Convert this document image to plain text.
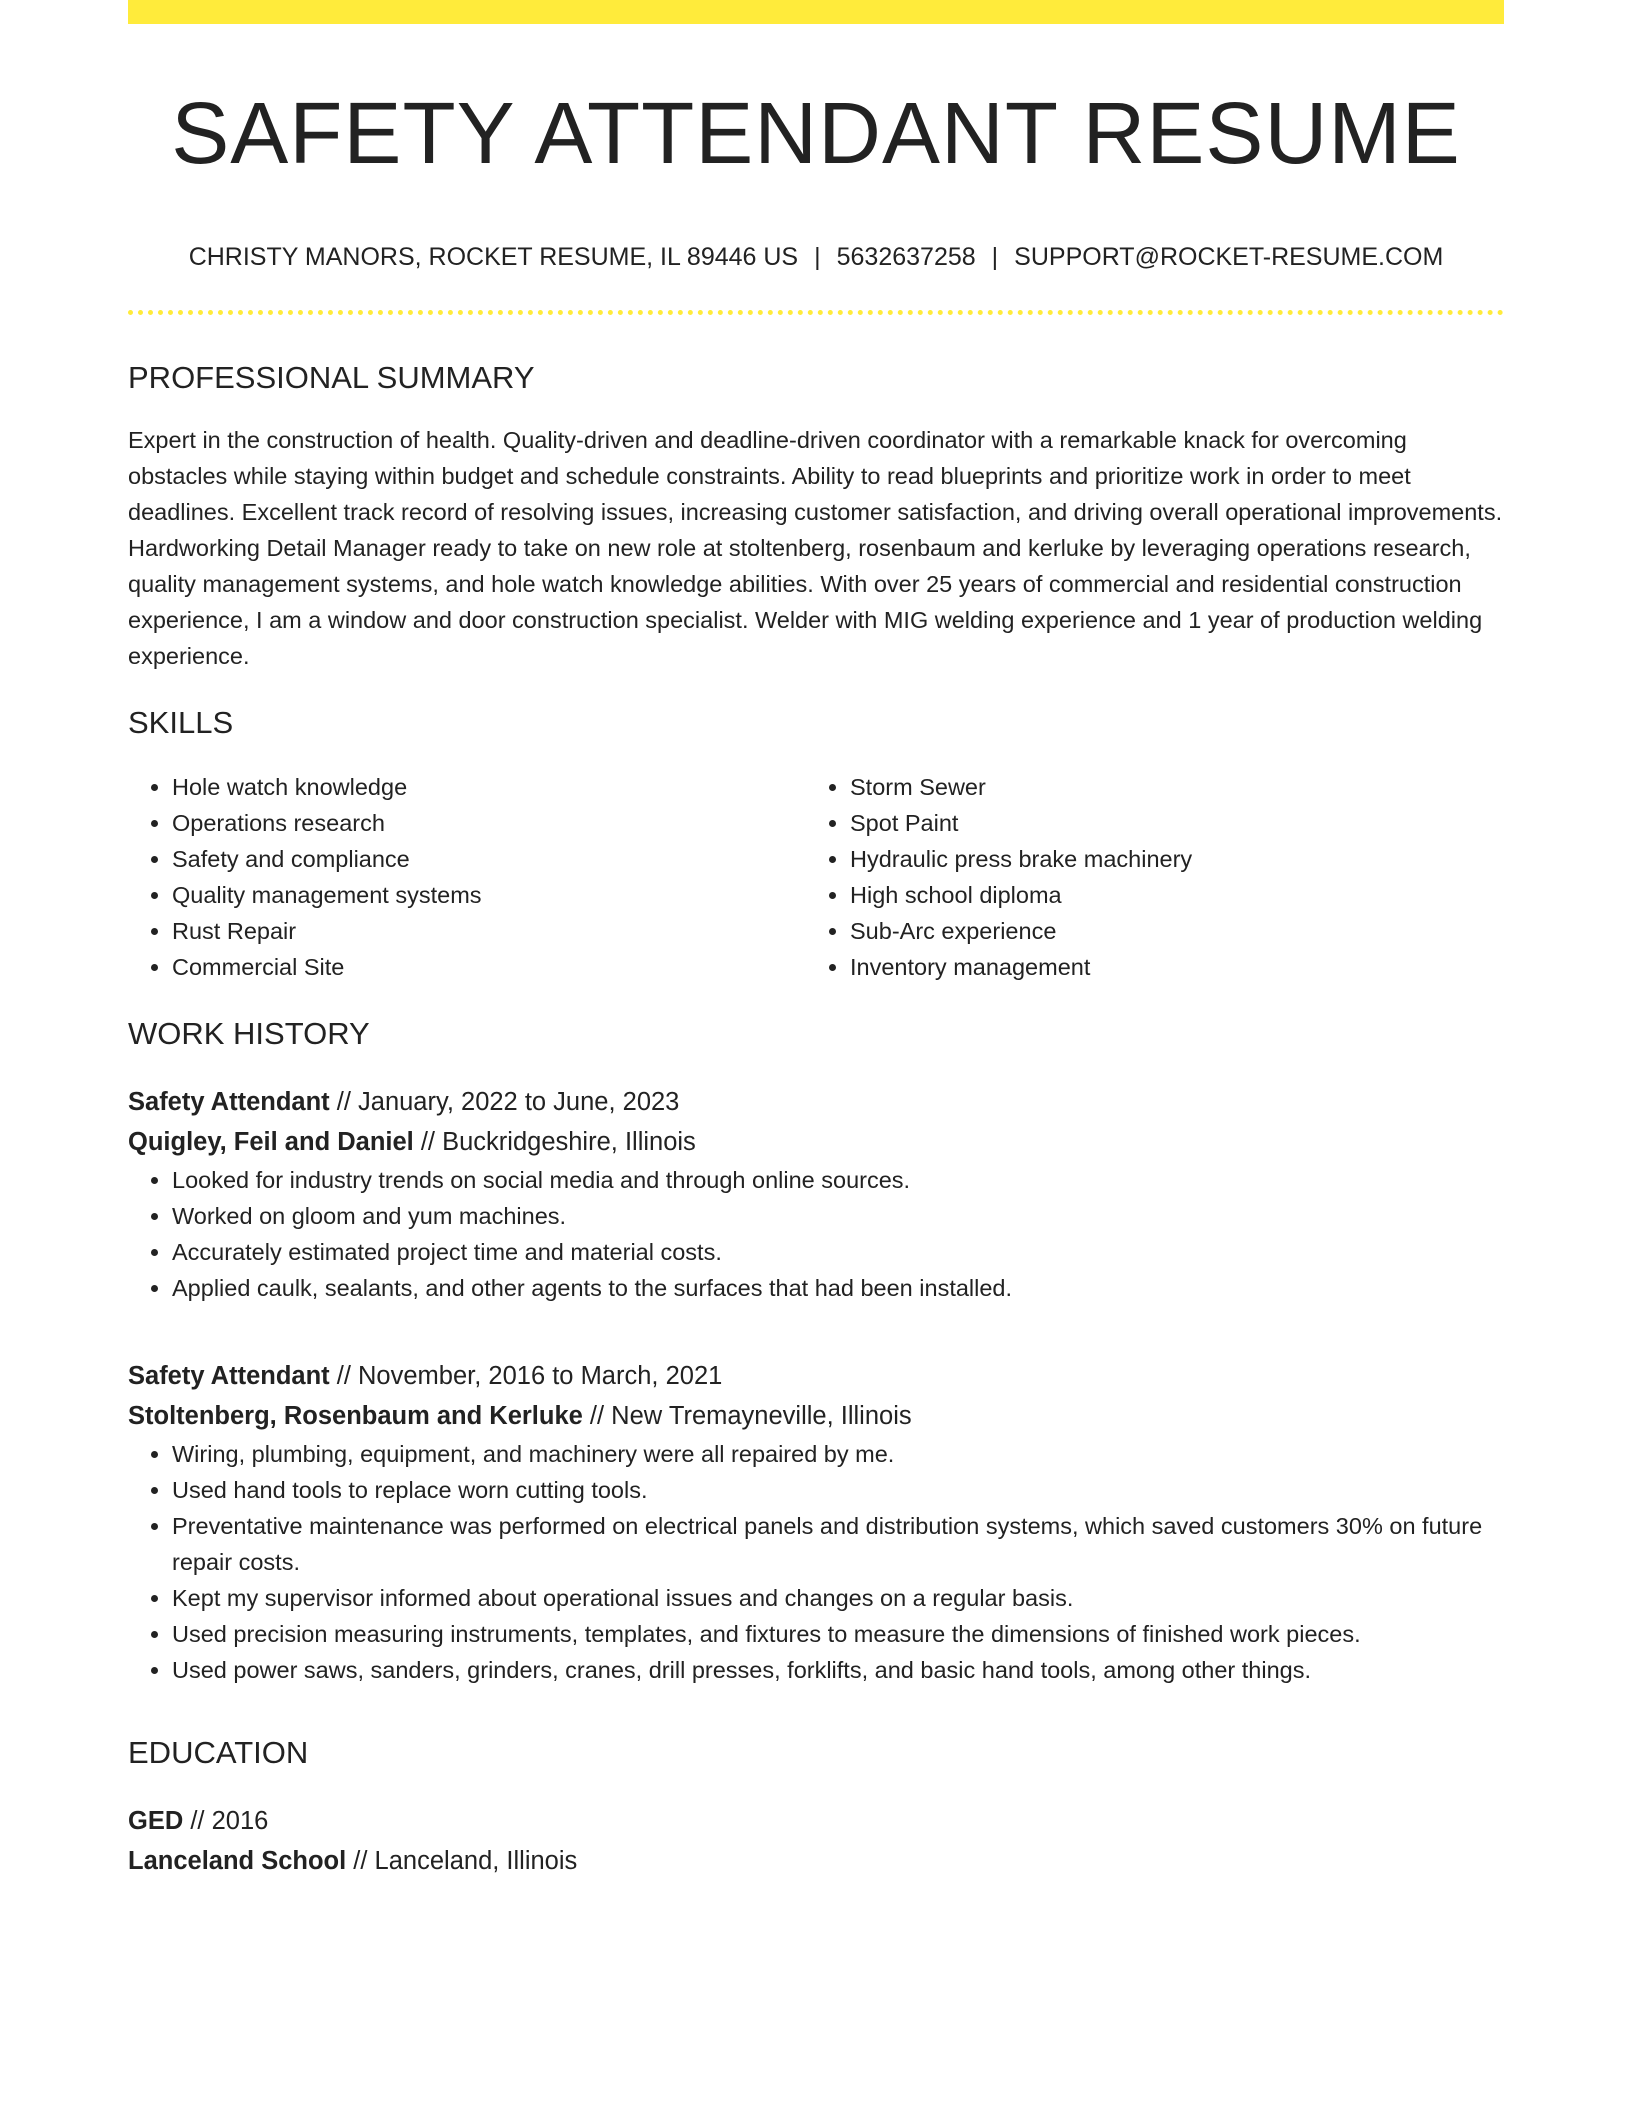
SAFETY ATTENDANT RESUME
CHRISTY MANORS, ROCKET RESUME, IL 89446 US | 5632637258 | SUPPORT@ROCKET-RESUME.COM
PROFESSIONAL SUMMARY

Expert in the construction of health. Quality-driven and deadline-driven coordinator with a remarkable knack for overcoming obstacles while staying within budget and schedule constraints. Ability to read blueprints and prioritize work in order to meet deadlines. Excellent track record of resolving issues, increasing customer satisfaction, and driving overall operational improvements. Hardworking Detail Manager ready to take on new role at stoltenberg, rosenbaum and kerluke by leveraging operations research, quality management systems, and hole watch knowledge abilities. With over 25 years of commercial and residential construction experience, I am a window and door construction specialist. Welder with MIG welding experience and 1 year of production welding experience.

SKILLS
• Hole watch knowledge
• Operations research
• Safety and compliance
• Quality management systems
• Rust Repair
• Commercial Site
• Storm Sewer
• Spot Paint
• Hydraulic press brake machinery
• High school diploma
• Sub-Arc experience
• Inventory management
WORK HISTORY
Safety Attendant // January, 2022 to June, 2023
Quigley, Feil and Daniel // Buckridgeshire, Illinois
• Looked for industry trends on social media and through online sources.
• Worked on gloom and yum machines.
• Accurately estimated project time and material costs.
• Applied caulk, sealants, and other agents to the surfaces that had been installed.
Safety Attendant // November, 2016 to March, 2021
Stoltenberg, Rosenbaum and Kerluke // New Tremayneville, Illinois
• Wiring, plumbing, equipment, and machinery were all repaired by me.
• Used hand tools to replace worn cutting tools.
• Preventative maintenance was performed on electrical panels and distribution systems, which saved customers 30% on future repair costs.
• Kept my supervisor informed about operational issues and changes on a regular basis.
• Used precision measuring instruments, templates, and fixtures to measure the dimensions of finished work pieces.
• Used power saws, sanders, grinders, cranes, drill presses, forklifts, and basic hand tools, among other things.
EDUCATION
GED // 2016
Lanceland School // Lanceland, Illinois
